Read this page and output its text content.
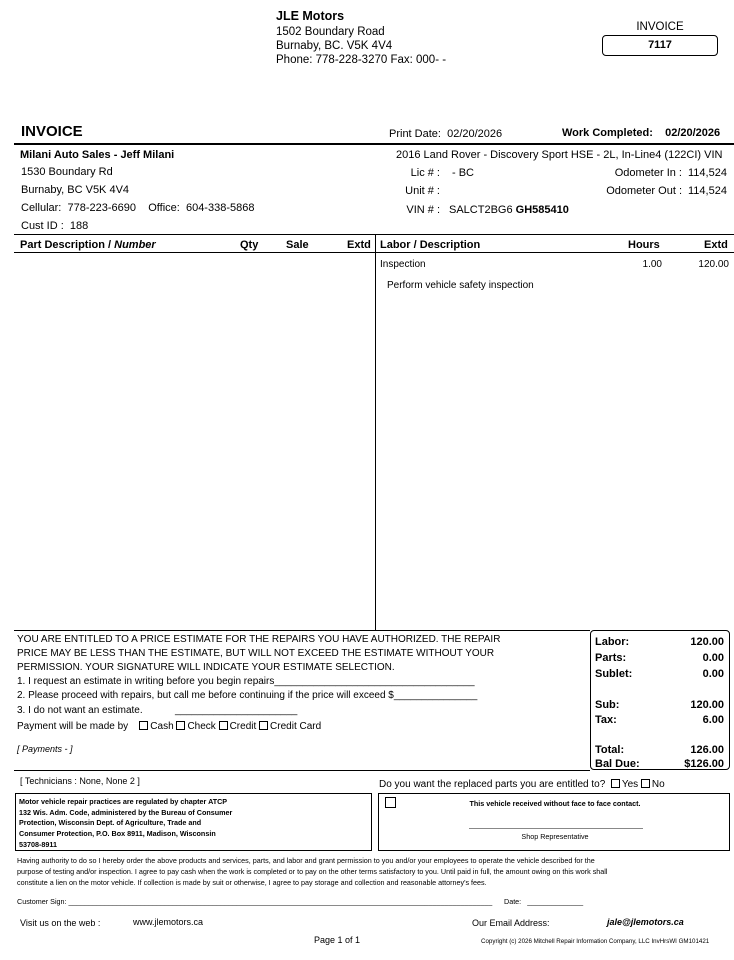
JLE Motors
1502 Boundary Road
Burnaby, BC. V5K 4V4
Phone: 778-228-3270 Fax: 000- -
INVOICE
7117
INVOICE	Print Date: 02/20/2026	Work Completed: 02/20/2026
Milani Auto Sales - Jeff Milani
1530 Boundary Rd
Burnaby, BC V5K 4V4
Cellular: 778-223-6690 Office: 604-338-5868
Cust ID : 188
2016 Land Rover - Discovery Sport HSE - 2L, In-Line4 (122CI) VIN
Lic # : - BC
Unit # :
VIN # : SALCT2BG6 GH585410
Odometer In : 114,524
Odometer Out : 114,524
Part Description / Number	Qty	Sale	Extd Labor / Description	Hours	Extd
Inspection	1.00	120.00
Perform vehicle safety inspection
YOU ARE ENTITLED TO A PRICE ESTIMATE FOR THE REPAIRS YOU HAVE AUTHORIZED. THE REPAIR
PRICE MAY BE LESS THAN THE ESTIMATE, BUT WILL NOT EXCEED THE ESTIMATE WITHOUT YOUR
PERMISSION. YOUR SIGNATURE WILL INDICATE YOUR ESTIMATE SELECTION.
1. I request an estimate in writing before you begin repairs____________________________________
2. Please proceed with repairs, but call me before continuing if the price will exceed $_______________
3. I do not want an estimate.	______________________
Payment will be made by Cash Check Credit Credit Card
[ Payments - ]
Labor:	120.00
Parts:	0.00
Sublet:	0.00
Sub:	120.00
Tax:	6.00
Total:	126.00
Bal Due:	$126.00
[ Technicians : None, None 2 ]	Do you want the replaced parts you are entitled to? Yes No
Motor vehicle repair practices are regulated by chapter ATCP
132 Wis. Adm. Code, administered by the Bureau of Consumer
Protection, Wisconsin Dept. of Agriculture, Trade and
Consumer Protection, P.O. Box 8911, Madison, Wisconsin
53708-8911
This vehicle received without face to face contact.
Shop Representative
Having authority to do so I hereby order the above products and services, parts, and labor and grant permission to you and/or your employees to operate the vehicle described for the
purpose of testing and/or inspection. I agree to pay cash when the work is completed or to pay on the other terms satisfactory to you. Until paid in full, the amount owing on this work shall
constitute a lien on the motor vehicle. If collection is made by suit or otherwise, I agree to pay storage and collection and reasonable attorney's fees.
Customer Sign: __________________________________________________________________________________________________________ Date: ______________
Visit us on the web :	www.jlemotors.ca	Our Email Address:	jale@jlemotors.ca
Page 1 of 1	Copyright (c) 2026 Mitchell Repair Information Company, LLC InvHrsWI GM101421
